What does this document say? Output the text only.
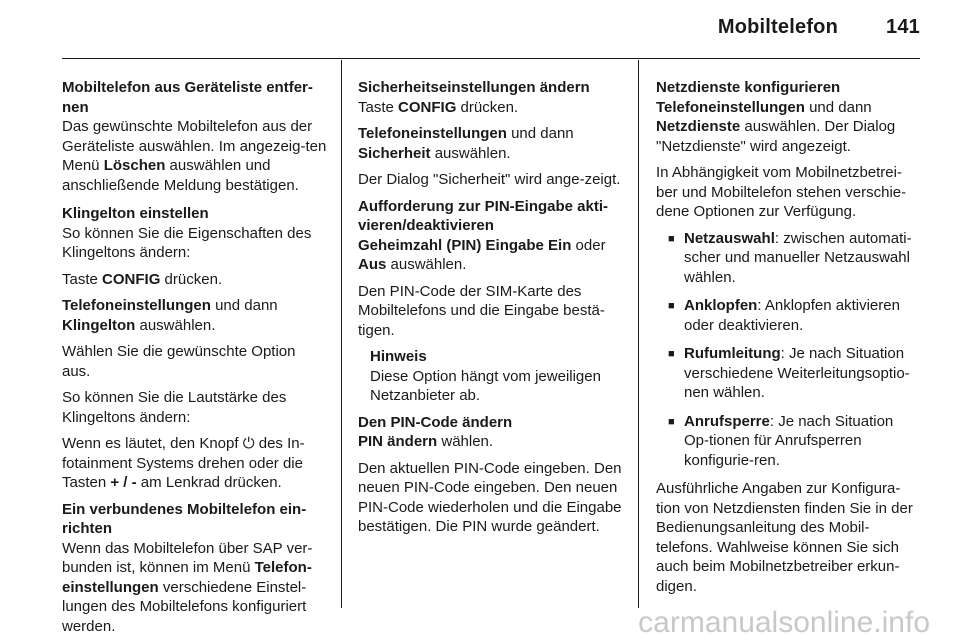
Mobiltelefon 141

Mobiltelefon aus Geräteliste entfer-nen
Das gewünschte Mobiltelefon aus der Geräteliste auswählen. Im angezeig-ten Menü Löschen auswählen und anschließende Meldung bestätigen.

Klingelton einstellen
So können Sie die Eigenschaften des Klingeltons ändern:

Taste CONFIG drücken.

Telefoneinstellungen und dann
Klingelton auswählen.

Wählen Sie die gewünschte Option aus.

So können Sie die Lautstärke des Klingeltons ändern:

Wenn es läutet, den Knopf ⏻ des In-fotainment Systems drehen oder die Tasten + / - am Lenkrad drücken.

Ein verbundenes Mobiltelefon ein-richten
Wenn das Mobiltelefon über SAP ver-bunden ist, können im Menü Telefon-einstellungen verschiedene Einstel-lungen des Mobiltelefons konfiguriert werden.

Sicherheitseinstellungen ändern
Taste CONFIG drücken.

Telefoneinstellungen und dann
Sicherheit auswählen.

Der Dialog "Sicherheit" wird ange-zeigt.

Aufforderung zur PIN-Eingabe akti-vieren/deaktivieren
Geheimzahl (PIN) Eingabe Ein oder
Aus auswählen.

Den PIN-Code der SIM-Karte des Mobiltelefons und die Eingabe bestä-tigen.

Hinweis
Diese Option hängt vom jeweiligen Netzanbieter ab.

Den PIN-Code ändern
PIN ändern wählen.

Den aktuellen PIN-Code eingeben. Den neuen PIN-Code eingeben. Den neuen PIN-Code wiederholen und die Eingabe bestätigen. Die PIN wurde geändert.

Netzdienste konfigurieren
Telefoneinstellungen und dann
Netzdienste auswählen. Der Dialog "Netzdienste" wird angezeigt.

In Abhängigkeit vom Mobilnetzbetrei-ber und Mobiltelefon stehen verschie-dene Optionen zur Verfügung.

■ Netzauswahl: zwischen automati-scher und manueller Netzauswahl wählen.
■ Anklopfen: Anklopfen aktivieren oder deaktivieren.
■ Rufumleitung: Je nach Situation verschiedene Weiterleitungsoptio-nen wählen.
■ Anrufsperre: Je nach Situation Op-tionen für Anrufsperren konfigurie-ren.

Ausführliche Angaben zur Konfigura-tion von Netzdiensten finden Sie in der Bedienungsanleitung des Mobil-telefons. Wahlweise können Sie sich auch beim Mobilnetzbetreiber erkun-digen.

carmanualsonline.info
